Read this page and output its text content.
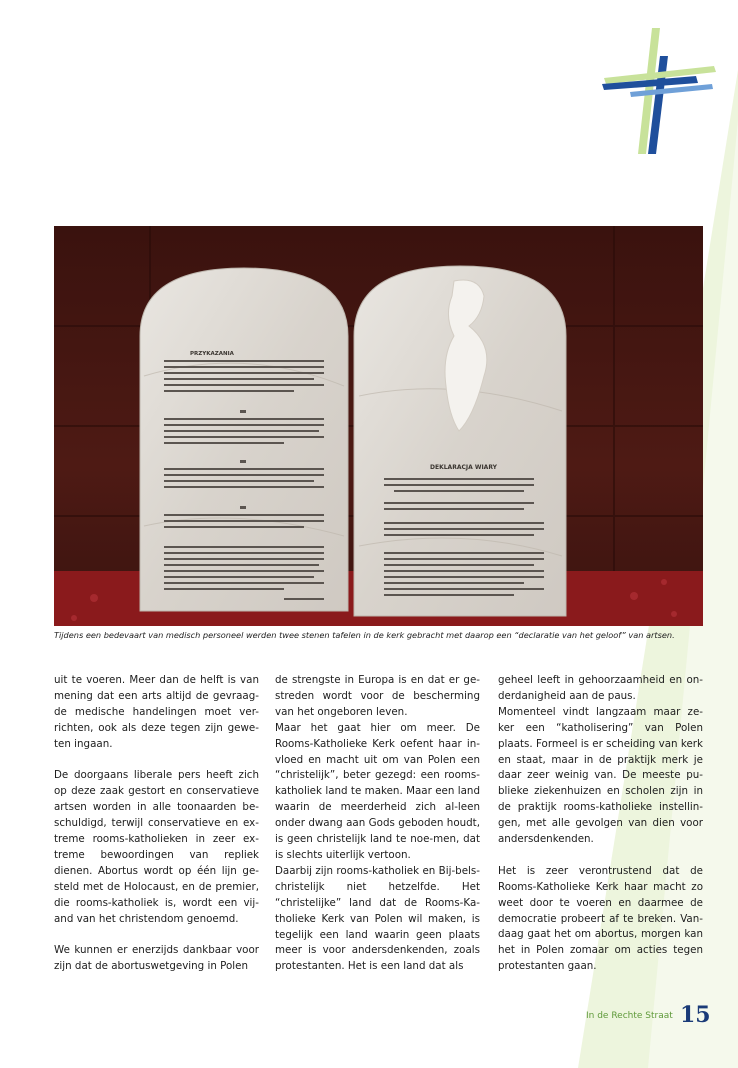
PRZYKAZANIA
DEKLARACJA WIARY
Tijdens een bedevaart van medisch personeel werden twee stenen tafelen in de kerk gebracht met daarop een “declaratie van het geloof” van artsen.

uit te voeren. Meer dan de helft is van mening dat een arts altijd de gevraag-de medische handelingen moet ver-richten, ook als deze tegen zijn gewe-ten ingaan.

De doorgaans liberale pers heeft zich op deze zaak gestort en conservatieve artsen worden in alle toonaarden be-schuldigd, terwijl conservatieve en ex-treme rooms-katholieken in zeer ex-treme bewoordingen van repliek dienen. Abortus wordt op één lijn ge-steld met de Holocaust, en de premier, die rooms-katholiek is, wordt een vij-and van het christendom genoemd.

We kunnen er enerzijds dankbaar voor zijn dat de abortuswetgeving in Polen

de strengste in Europa is en dat er ge-streden wordt voor de bescherming van het ongeboren leven.

Maar het gaat hier om meer. De Rooms-Katholieke Kerk oefent haar in-vloed en macht uit om van Polen een “christelijk”, beter gezegd: een rooms-katholiek land te maken. Maar een land waarin de meerderheid zich al-leen onder dwang aan Gods geboden houdt, is geen christelijk land te noe-men, dat is slechts uiterlijk vertoon.

Daarbij zijn rooms-katholiek en Bij-bels-christelijk niet hetzelfde. Het “christelijke” land dat de Rooms-Ka-tholieke Kerk van Polen wil maken, is tegelijk een land waarin geen plaats meer is voor andersdenkenden, zoals protestanten. Het is een land dat als

geheel leeft in gehoorzaamheid en on-derdanigheid aan de paus.

Momenteel vindt langzaam maar ze-ker een “katholisering” van Polen plaats. Formeel is er scheiding van kerk en staat, maar in de praktijk merk je daar zeer weinig van. De meeste pu-blieke ziekenhuizen en scholen zijn in de praktijk rooms-katholieke instellin-gen, met alle gevolgen van dien voor andersdenkenden.

Het is zeer verontrustend dat de Rooms-Katholieke Kerk haar macht zo weet door te voeren en daarmee de democratie probeert af te breken. Van-daag gaat het om abortus, morgen kan het in Polen zomaar om acties tegen protestanten gaan.

In de Rechte Straat 15
